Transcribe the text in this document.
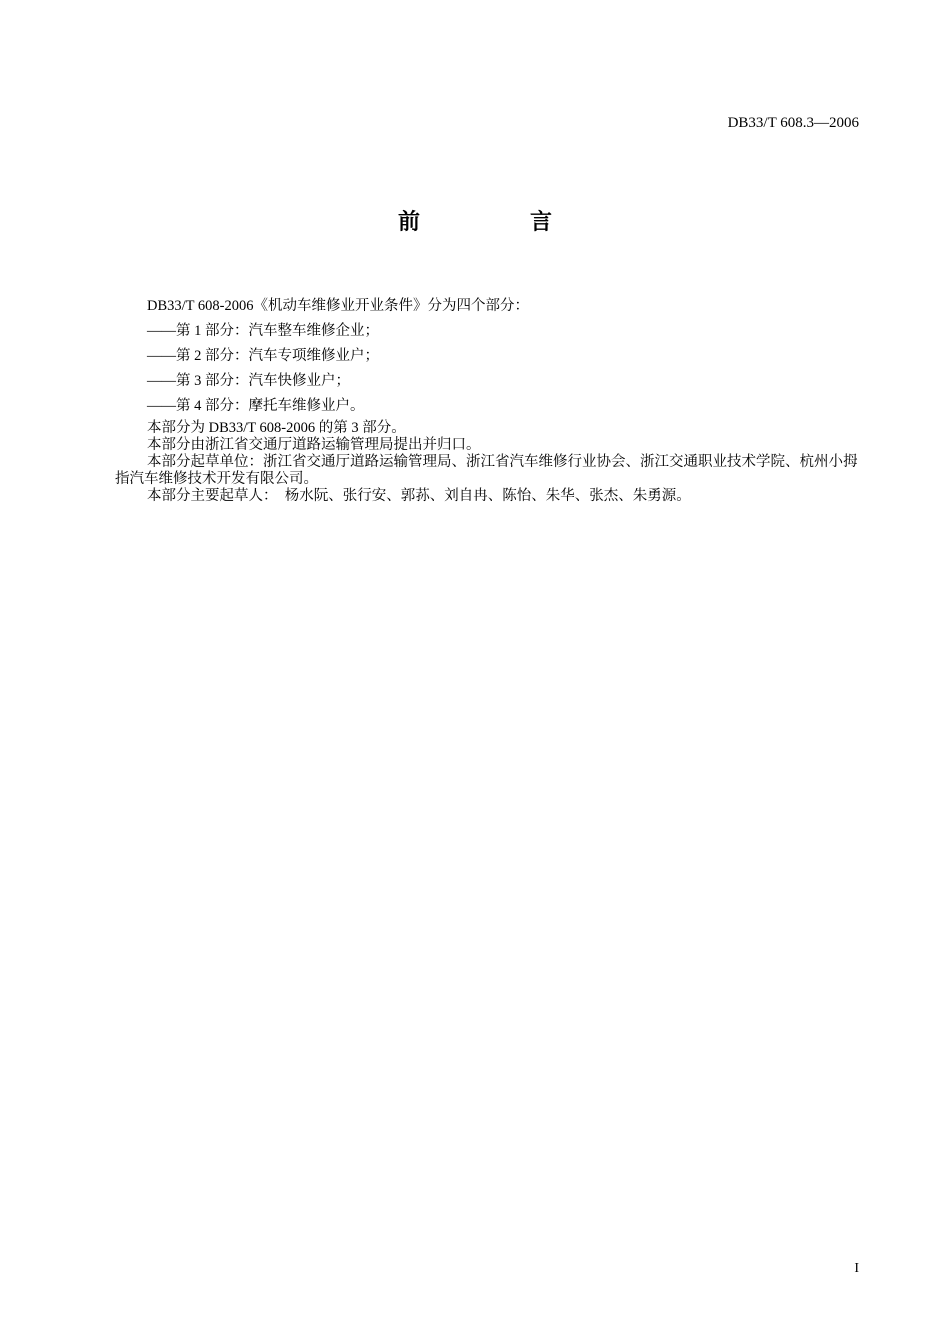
DB33/T 608.3—2006
前　言

DB33/T 608-2006《机动车维修业开业条件》分为四个部分：

——第 1 部分：汽车整车维修企业；

——第 2 部分：汽车专项维修业户；

——第 3 部分：汽车快修业户；

——第 4 部分：摩托车维修业户。

本部分为 DB33/T 608-2006 的第 3 部分。

本部分由浙江省交通厅道路运输管理局提出并归口。

本部分起草单位：浙江省交通厅道路运输管理局、浙江省汽车维修行业协会、浙江交通职业技术学院、杭州小拇指汽车维修技术开发有限公司。

本部分主要起草人：　杨水阮、张行安、郭荪、刘自冉、陈怡、朱华、张杰、朱勇源。

I
